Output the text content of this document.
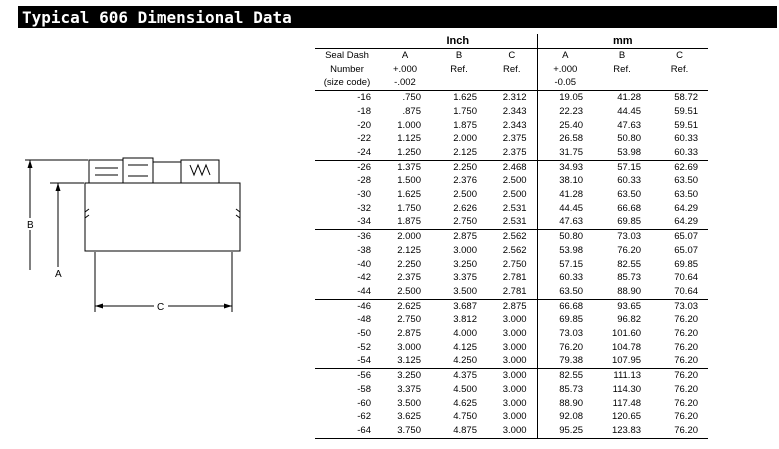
Typical 606 Dimensional Data
B
A
C
	Inch			mm		
Seal Dash	A	B	C	A	B	C
Number	+.000	Ref.	Ref.	+.000	Ref.	Ref.
(size code)	-.002			-0.05		
-16	.750	1.625	2.312	19.05	41.28	58.72
-18	.875	1.750	2.343	22.23	44.45	59.51
-20	1.000	1.875	2.343	25.40	47.63	59.51
-22	1.125	2.000	2.375	26.58	50.80	60.33
-24	1.250	2.125	2.375	31.75	53.98	60.33
-26	1.375	2.250	2.468	34.93	57.15	62.69
-28	1.500	2.376	2.500	38.10	60.33	63.50
-30	1.625	2.500	2.500	41.28	63.50	63.50
-32	1.750	2.626	2.531	44.45	66.68	64.29
-34	1.875	2.750	2.531	47.63	69.85	64.29
-36	2.000	2.875	2.562	50.80	73.03	65.07
-38	2.125	3.000	2.562	53.98	76.20	65.07
-40	2.250	3.250	2.750	57.15	82.55	69.85
-42	2.375	3.375	2.781	60.33	85.73	70.64
-44	2.500	3.500	2.781	63.50	88.90	70.64
-46	2.625	3.687	2.875	66.68	93.65	73.03
-48	2.750	3.812	3.000	69.85	96.82	76.20
-50	2.875	4.000	3.000	73.03	101.60	76.20
-52	3.000	4.125	3.000	76.20	104.78	76.20
-54	3.125	4.250	3.000	79.38	107.95	76.20
-56	3.250	4.375	3.000	82.55	111.13	76.20
-58	3.375	4.500	3.000	85.73	114.30	76.20
-60	3.500	4.625	3.000	88.90	117.48	76.20
-62	3.625	4.750	3.000	92.08	120.65	76.20
-64	3.750	4.875	3.000	95.25	123.83	76.20
